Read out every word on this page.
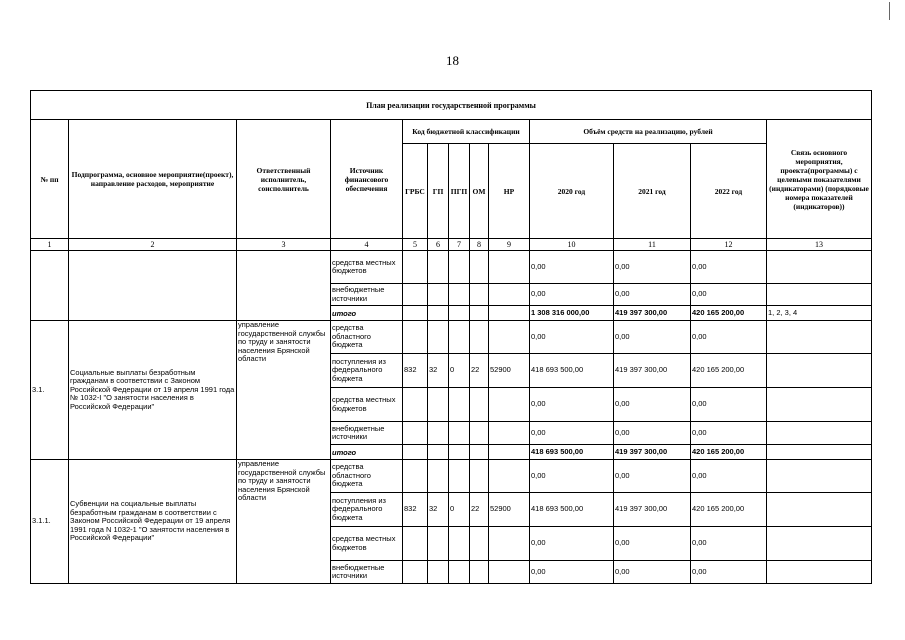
18
План реализации государственной программы												
№ пп	Подпрограмма, основное мероприятие(проект), направление расходов, мероприятие	Ответственный исполнитель, соисполнитель	Источник финансового обеспечения	Код бюджетной классификации					Объём средств на реализацию, рублей			Связь основного мероприятия, проекта(программы) с целевыми показателями (индикаторами) (порядковые номера показателей (индикаторов))
				ГРБС	ГП	ПГП	ОМ	НР	2020 год	2021 год	2022 год	
1	2	3	4	5	6	7	8	9	10	11	12	13
			средства местных бюджетов						0,00	0,00	0,00	
			внебюджетные источники						0,00	0,00	0,00	
			итого						1 308 316 000,00	419 397 300,00	420 165 200,00	1, 2, 3, 4
3.1.	Социальные выплаты безработным гражданам в соответствии с Законом Российской Федерации от 19 апреля 1991 года № 1032-I "О занятости населения в Российской Федерации"	управление государственной службы по труду и занятости населения Брянской области	средства областного бюджета						0,00	0,00	0,00	
			поступления из федерального бюджета	832	32	0	22	52900	418 693 500,00	419 397 300,00	420 165 200,00	
			средства местных бюджетов						0,00	0,00	0,00	
			внебюджетные источники						0,00	0,00	0,00	
			итого						418 693 500,00	419 397 300,00	420 165 200,00	
3.1.1.	Субвенции на социальные выплаты безработным гражданам в соответствии с Законом Российской Федерации от 19 апреля 1991 года N 1032-1 "О занятости населения в Российской Федерации"	управление государственной службы по труду и занятости населения Брянской области	средства областного бюджета						0,00	0,00	0,00	
			поступления из федерального бюджета	832	32	0	22	52900	418 693 500,00	419 397 300,00	420 165 200,00	
			средства местных бюджетов						0,00	0,00	0,00	
			внебюджетные источники						0,00	0,00	0,00	
